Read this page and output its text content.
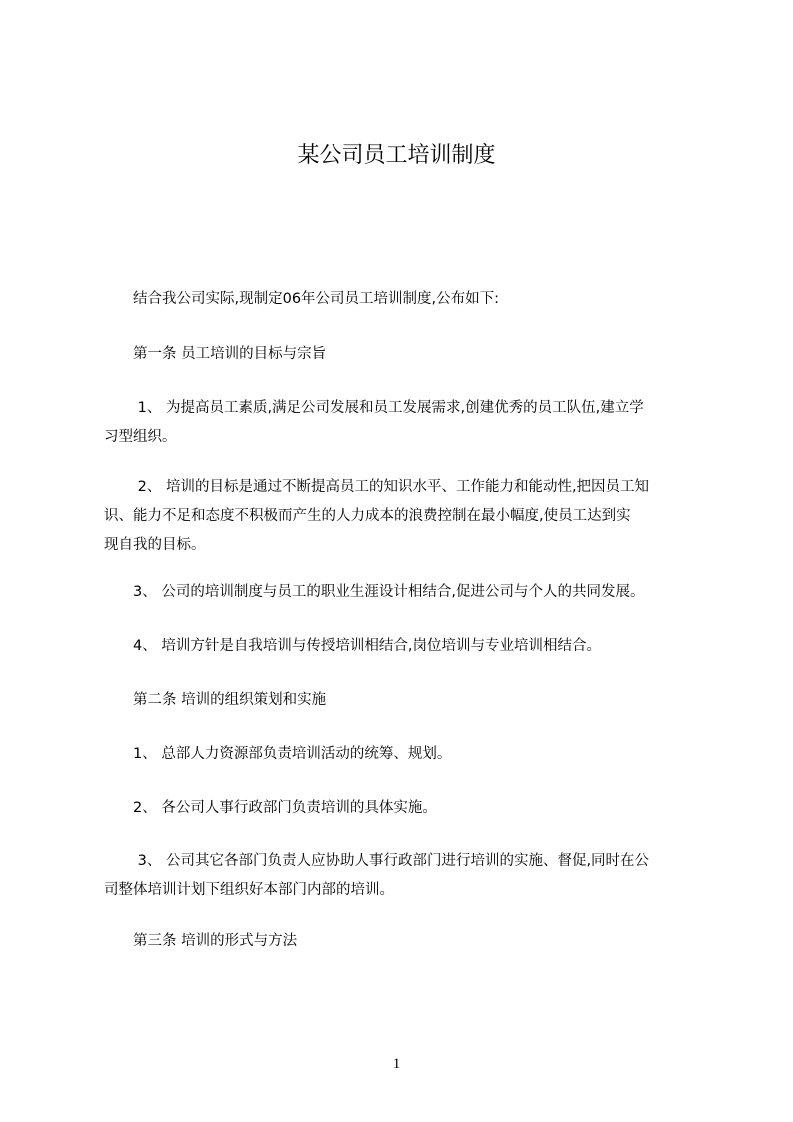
某公司员工培训制度
　　结合我公司实际,现制定06年公司员工培训制度,公布如下:
　　第一条 员工培训的目标与宗旨
　　 1、 为提高员工素质,满足公司发展和员工发展需求,创建优秀的员工队伍,建立学
习型组织。
　　 2、 培训的目标是通过不断提高员工的知识水平、工作能力和能动性,把因员工知
识、能力不足和态度不积极而产生的人力成本的浪费控制在最小幅度,使员工达到实
现自我的目标。
　　3、 公司的培训制度与员工的职业生涯设计相结合,促进公司与个人的共同发展。
　　4、 培训方针是自我培训与传授培训相结合,岗位培训与专业培训相结合。
　　第二条 培训的组织策划和实施
　　1、 总部人力资源部负责培训活动的统筹、规划。
　　2、 各公司人事行政部门负责培训的具体实施。
　　 3、 公司其它各部门负责人应协助人事行政部门进行培训的实施、督促,同时在公
司整体培训计划下组织好本部门内部的培训。
　　第三条 培训的形式与方法
1
